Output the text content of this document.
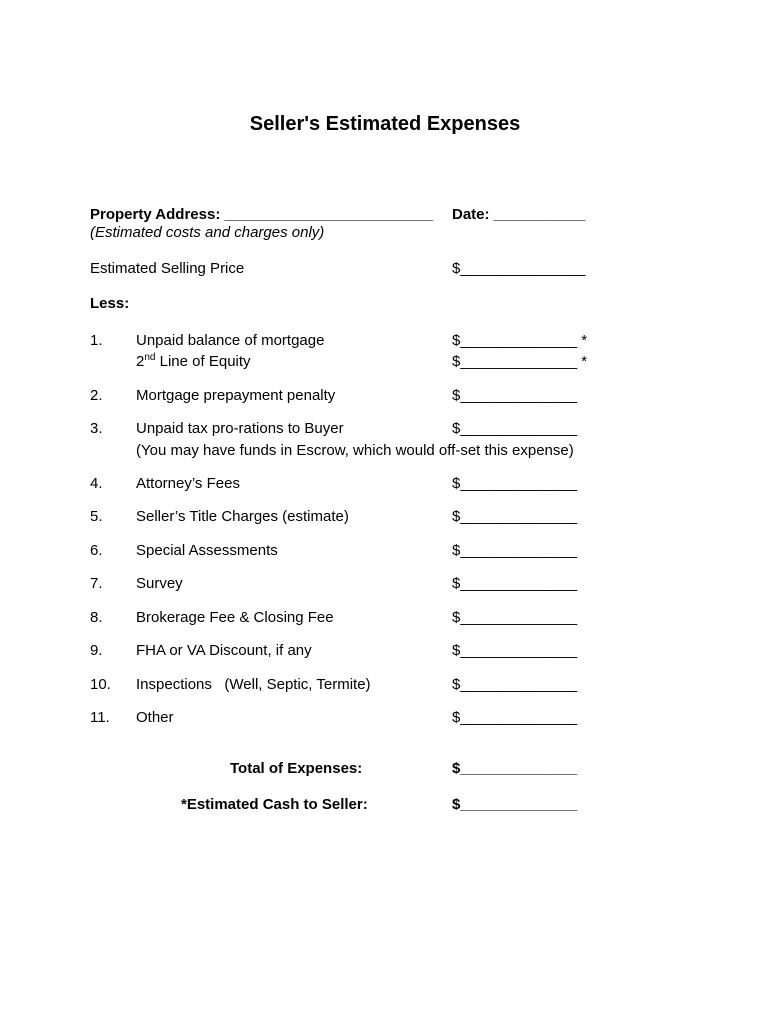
Seller's Estimated Expenses
Property Address: _________________________ Date: ___________
(Estimated costs and charges only)
Estimated Selling Price	$_______________
Less:
1. Unpaid balance of mortgage	$______________ *
2nd Line of Equity	$______________ *
2. Mortgage prepayment penalty	$______________
3. Unpaid tax pro-rations to Buyer	$______________
(You may have funds in Escrow, which would off-set this expense)
4. Attorney’s Fees	$______________
5. Seller’s Title Charges (estimate)	$______________
6. Special Assessments	$______________
7. Survey	$______________
8. Brokerage Fee & Closing Fee	$______________
9. FHA or VA Discount, if any	$______________
10. Inspections   (Well, Septic, Termite)	$______________
11. Other	$______________
Total of Expenses:	$______________
*Estimated Cash to Seller:	$______________
